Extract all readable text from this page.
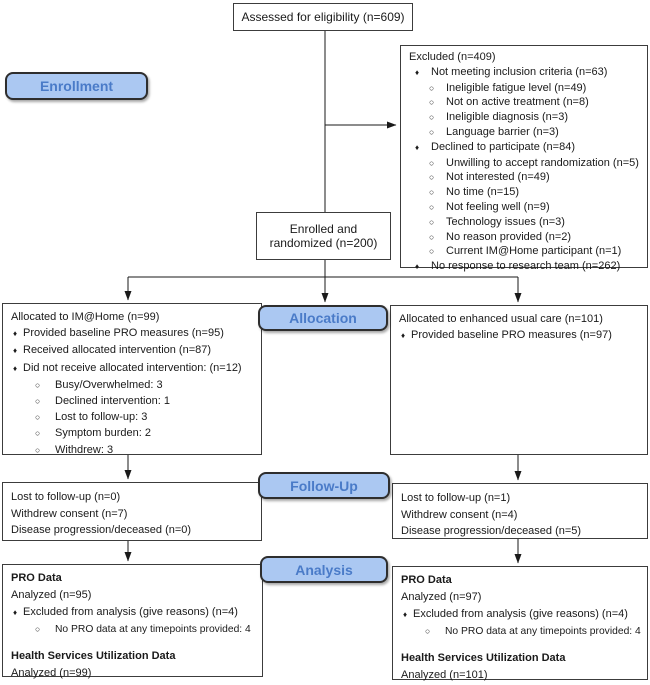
Assessed for eligibility (n=609)
Enrollment
Excluded (n=409)
♦	Not meeting inclusion criteria (n=63)
○	Ineligible fatigue level (n=49)
○	Not on active treatment (n=8)
○	Ineligible diagnosis (n=3)
○	Language barrier (n=3)
♦	Declined to participate (n=84)
○	Unwilling to accept randomization (n=5)
○	Not interested (n=49)
○	No time (n=15)
○	Not feeling well (n=9)
○	Technology issues (n=3)
○	No reason provided (n=2)
○	Current IM@Home participant (n=1)
♦	No response to research team (n=262)
Enrolled and randomized (n=200)
Allocated to IM@Home (n=99)
♦ Provided baseline PRO measures (n=95)
♦ Received allocated intervention (n=87)
♦ Did not receive allocated intervention: (n=12)
○	Busy/Overwhelmed: 3
○	Declined intervention: 1
○	Lost to follow-up: 3
○	Symptom burden: 2
○	Withdrew: 3
Allocation	Allocated to enhanced usual care (n=101)
♦ Provided baseline PRO measures (n=97)
Lost to follow-up (n=0)
Withdrew consent (n=7)
Disease progression/deceased (n=0)
Follow-Up
Lost to follow-up (n=1)
Withdrew consent (n=4)
Disease progression/deceased (n=5)
PRO Data
Analyzed (n=95)
♦ Excluded from analysis (give reasons) (n=4)
○	No PRO data at any timepoints provided: 4
Health Services Utilization Data
Analyzed (n=99)
Analysis
PRO Data
Analyzed (n=97)
♦ Excluded from analysis (give reasons) (n=4)
○	No PRO data at any timepoints provided: 4
Health Services Utilization Data
Analyzed (n=101)
